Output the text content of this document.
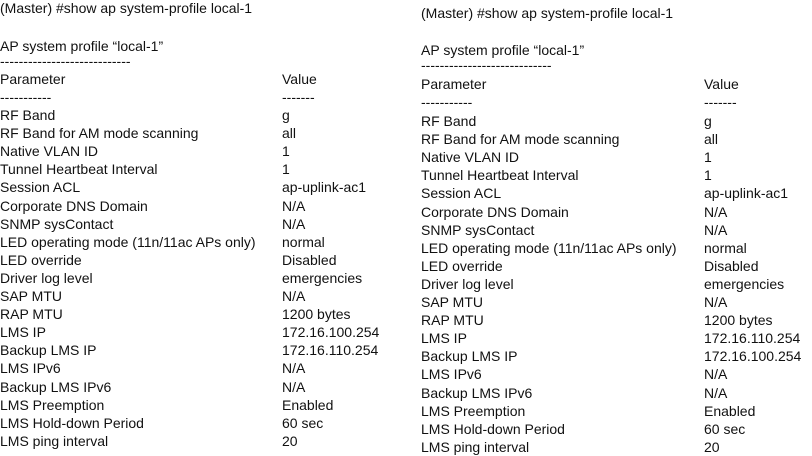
(Master) #show ap system-profile local-1
AP system profile “local-1”
----------------------------
Parameter	Value
-----------	-------
RF Band	g
RF Band for AM mode scanning	all
Native VLAN ID	1
Tunnel Heartbeat Interval	1
Session ACL	ap-uplink-ac1
Corporate DNS Domain	N/A
SNMP sysContact	N/A
LED operating mode (11n/11ac APs only) normal
LED override	Disabled
Driver log level	emergencies
SAP MTU	N/A
RAP MTU	1200 bytes
LMS IP	172.16.100.254
Backup LMS IP	172.16.110.254
LMS IPv6	N/A
Backup LMS IPv6	N/A
LMS Preemption	Enabled
LMS Hold-down Period	60 sec
LMS ping interval	20
(Master) #show ap system-profile local-1
AP system profile “local-1”
----------------------------
Parameter	Value
-----------	-------
RF Band	g
RF Band for AM mode scanning	all
Native VLAN ID	1
Tunnel Heartbeat Interval	1
Session ACL	ap-uplink-ac1
Corporate DNS Domain	N/A
SNMP sysContact	N/A
LED operating mode (11n/11ac APs only) normal
LED override	Disabled
Driver log level	emergencies
SAP MTU	N/A
RAP MTU	1200 bytes
LMS IP	172.16.110.254
Backup LMS IP	172.16.100.254
LMS IPv6	N/A
Backup LMS IPv6	N/A
LMS Preemption	Enabled
LMS Hold-down Period	60 sec
LMS ping interval	20
